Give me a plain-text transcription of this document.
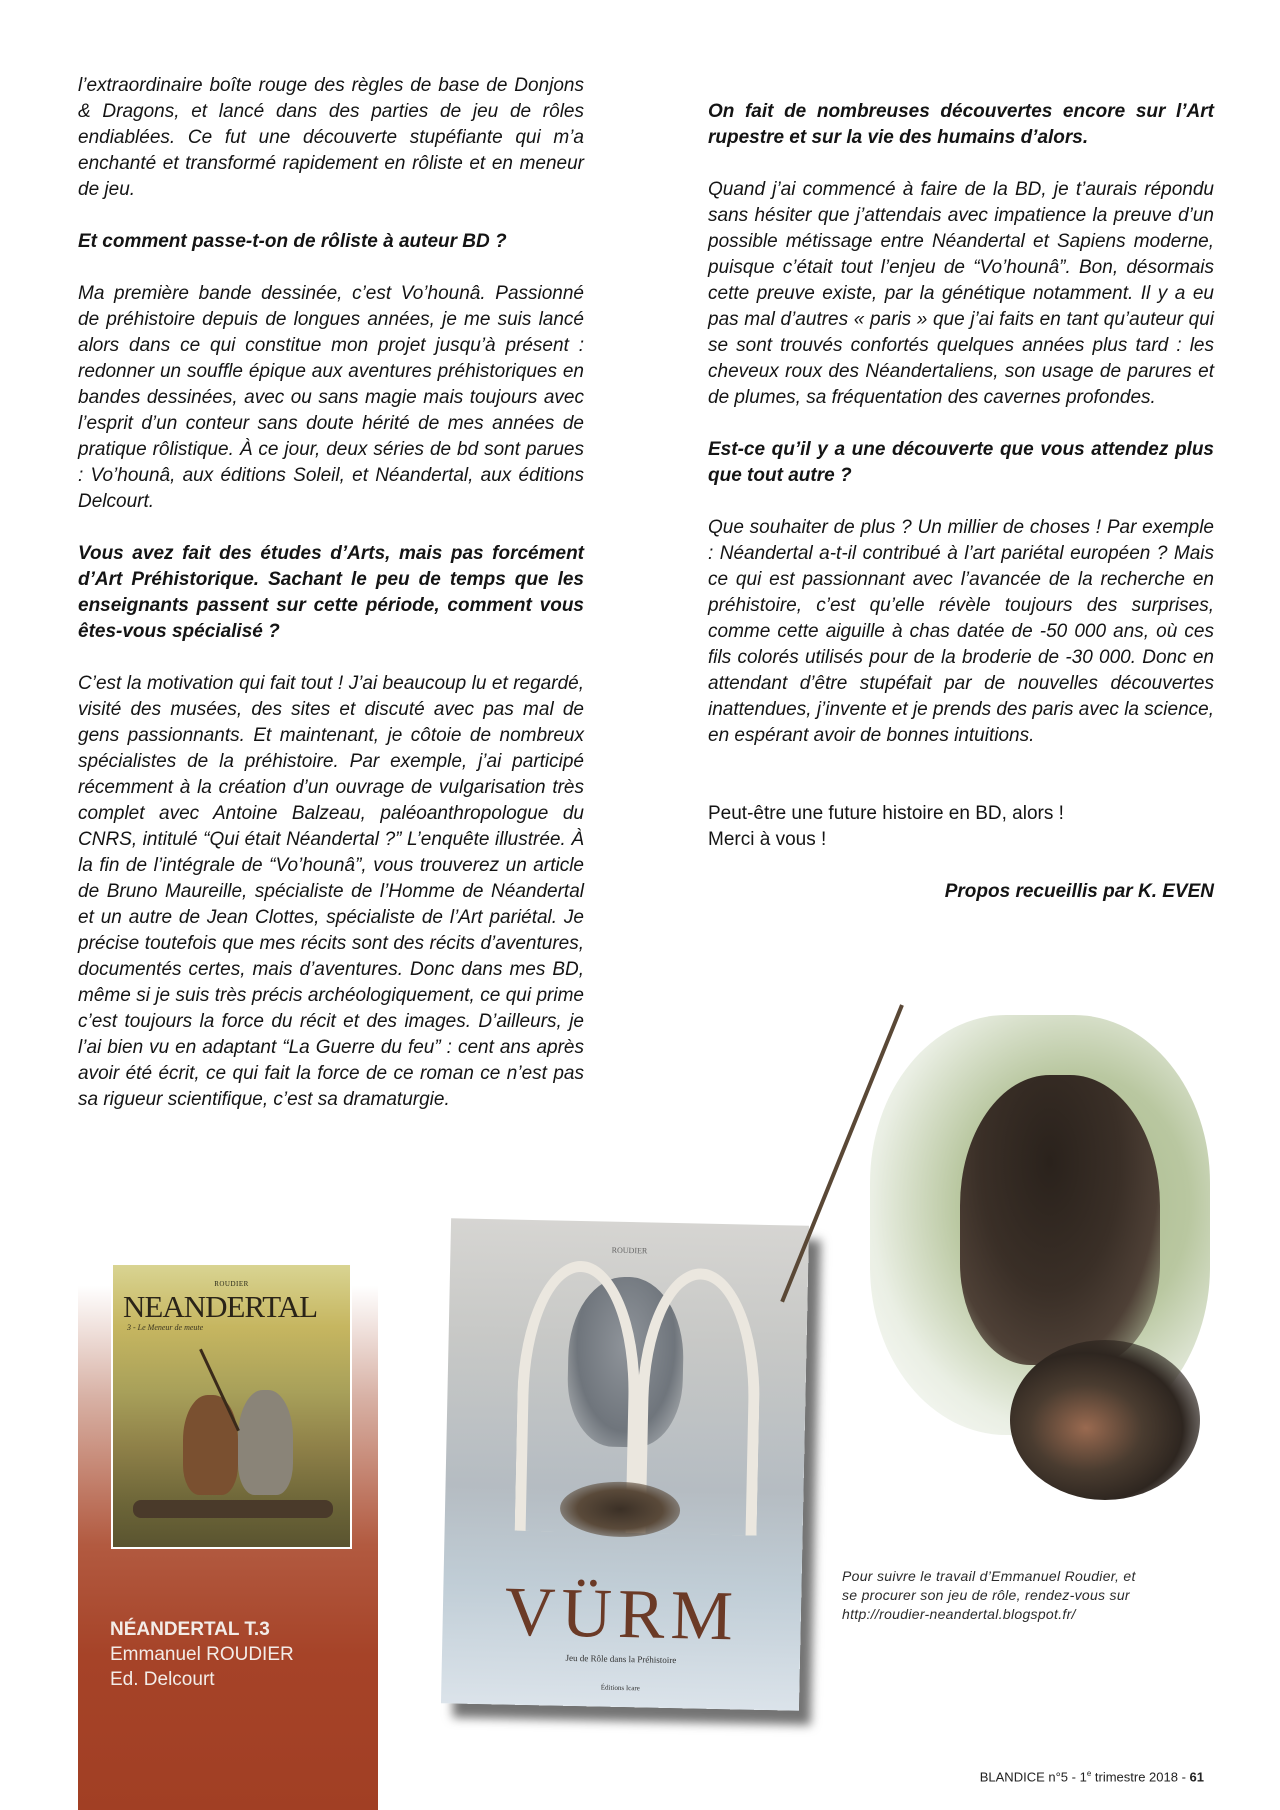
l’extraordinaire boîte rouge des règles de base de Donjons & Dragons, et lancé dans des parties de jeu de rôles endiablées. Ce fut une découverte stupéfiante qui m’a enchanté et transformé rapidement en rôliste et en meneur de jeu.

Et comment passe-t-on de rôliste à auteur BD ?

Ma première bande dessinée, c’est Vo’hounâ. Passionné de préhistoire depuis de longues années, je me suis lancé alors dans ce qui constitue mon projet jusqu’à présent : redonner un souffle épique aux aventures préhistoriques en bandes dessinées, avec ou sans magie mais toujours avec l’esprit d’un conteur sans doute hérité de mes années de pratique rôlistique. À ce jour, deux séries de bd sont parues : Vo’hounâ, aux éditions Soleil, et Néandertal, aux éditions Delcourt.

Vous avez fait des études d’Arts, mais pas forcément d’Art Préhistorique. Sachant le peu de temps que les enseignants passent sur cette période, comment vous êtes-vous spécialisé ?

C’est la motivation qui fait tout ! J’ai beaucoup lu et regardé, visité des musées, des sites et discuté avec pas mal de gens passionnants. Et maintenant, je côtoie de nombreux spécialistes de la préhistoire. Par exemple, j’ai participé récemment à la création d’un ouvrage de vulgarisation très complet avec Antoine Balzeau, paléoanthropologue du CNRS, intitulé “Qui était Néandertal ?” L’enquête illustrée. À la fin de l’intégrale de “Vo’hounâ”, vous trouverez un article de Bruno Maureille, spécialiste de l’Homme de Néandertal et un autre de Jean Clottes, spécialiste de l’Art pariétal. Je précise toutefois que mes récits sont des récits d’aventures, documentés certes, mais d’aventures. Donc dans mes BD, même si je suis très précis archéologiquement, ce qui prime c’est toujours la force du récit et des images. D’ailleurs, je l’ai bien vu en adaptant “La Guerre du feu” : cent ans après avoir été écrit, ce qui fait la force de ce roman ce n’est pas sa rigueur scientifique, c’est sa dramaturgie.

On fait de nombreuses découvertes encore sur l’Art rupestre et sur la vie des humains d’alors.

Quand j’ai commencé à faire de la BD, je t’aurais répondu sans hésiter que j’attendais avec impatience la preuve d’un possible métissage entre Néandertal et Sapiens moderne, puisque c’était tout l’enjeu de “Vo’hounâ”. Bon, désormais cette preuve existe, par la génétique notamment. Il y a eu pas mal d’autres « paris » que j’ai faits en tant qu’auteur qui se sont trouvés confortés quelques années plus tard : les cheveux roux des Néandertaliens, son usage de parures et de plumes, sa fréquentation des cavernes profondes.

Est-ce qu’il y a une découverte que vous attendez plus que tout autre ?

Que souhaiter de plus ? Un millier de choses ! Par exemple : Néandertal a-t-il contribué à l’art pariétal européen ? Mais ce qui est passionnant avec l’avancée de la recherche en préhistoire, c’est qu’elle révèle toujours des surprises, comme cette aiguille à chas datée de -50 000 ans, où ces fils colorés utilisés pour de la broderie de -30 000. Donc en attendant d’être stupéfait par de nouvelles découvertes inattendues, j’invente et je prends des paris avec la science, en espérant avoir de bonnes intuitions.

Peut-être une future histoire en BD, alors !

Merci à vous !

Propos recueillis par K. EVEN

ROUDIER
NEANDERTAL
3 - Le Meneur de meute
NÉANDERTAL T.3
Emmanuel ROUDIER
Ed. Delcourt
ROUDIER
VÜRM
Jeu de Rôle dans la Préhistoire
Éditions Icare
Pour suivre le travail d’Emmanuel Roudier, et
se procurer son jeu de rôle, rendez-vous sur
http://roudier-neandertal.blogspot.fr/
BLANDICE n°5 - 1e trimestre 2018 - 61
